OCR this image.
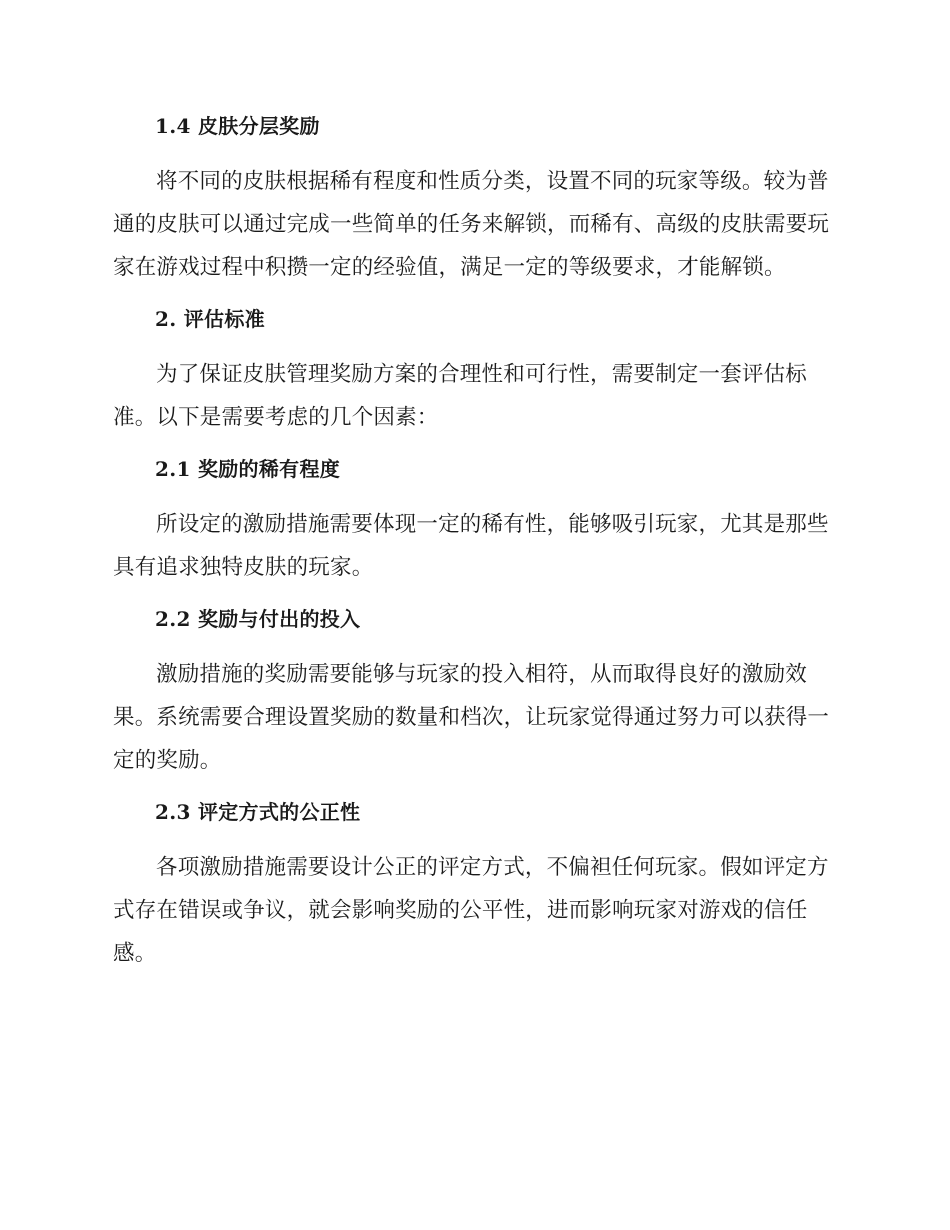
1.4 皮肤分层奖励
将不同的皮肤根据稀有程度和性质分类，设置不同的玩家等级。较为普
通的皮肤可以通过完成一些简单的任务来解锁，而稀有、高级的皮肤需要玩
家在游戏过程中积攒一定的经验值，满足一定的等级要求，才能解锁。
2. 评估标准
为了保证皮肤管理奖励方案的合理性和可行性，需要制定一套评估标
准。以下是需要考虑的几个因素：
2.1 奖励的稀有程度
所设定的激励措施需要体现一定的稀有性，能够吸引玩家，尤其是那些
具有追求独特皮肤的玩家。
2.2 奖励与付出的投入
激励措施的奖励需要能够与玩家的投入相符，从而取得良好的激励效
果。系统需要合理设置奖励的数量和档次，让玩家觉得通过努力可以获得一
定的奖励。
2.3 评定方式的公正性
各项激励措施需要设计公正的评定方式，不偏袒任何玩家。假如评定方
式存在错误或争议，就会影响奖励的公平性，进而影响玩家对游戏的信任
感。
